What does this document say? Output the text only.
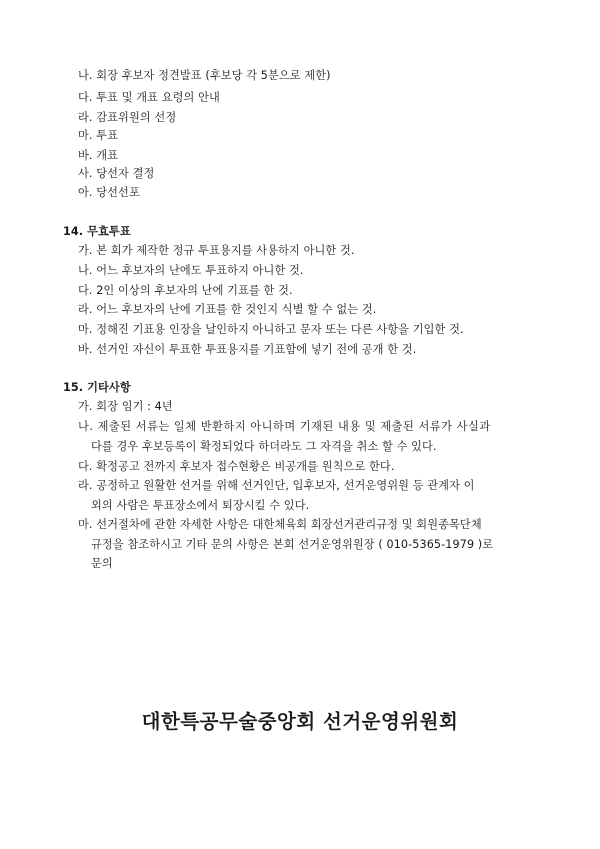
나. 회장 후보자 정견발표 (후보당 각 5분으로 제한)
다. 투표 및 개표 요령의 안내
라. 감표위원의 선정
마. 투표
바. 개표
사. 당선자 결정
아. 당선선포
14. 무효투표
가. 본 회가 제작한 정규 투표용지를 사용하지 아니한 것.
나. 어느 후보자의 난에도 투표하지 아니한 것.
다. 2인 이상의 후보자의 난에 기표를 한 것.
라. 어느 후보자의 난에 기표를 한 것인지 식별 할 수 없는 것.
마. 정해진 기표용 인장을 날인하지 아니하고 문자 또는 다른 사항을 기입한 것.
바. 선거인 자신이 투표한 투표용지를 기표함에 넣기 전에 공개 한 것.
15. 기타사항
가. 회장 임기 : 4년
나. 제출된 서류는 일체 반환하지 아니하며 기재된 내용 및 제출된 서류가 사실과
다를 경우 후보등록이 확정되었다 하더라도 그 자격을 취소 할 수 있다.
다. 확정공고 전까지 후보자 접수현황은 비공개를 원칙으로 한다.
라. 공정하고 원활한 선거를 위해 선거인단, 입후보자, 선거운영위원 등 관계자 이
외의 사람은 투표장소에서 퇴장시킬 수 있다.
마. 선거절차에 관한 자세한 사항은 대한체육회 회장선거관리규정 및 회원종목단체
규정을 참조하시고 기타 문의 사항은 본회 선거운영위원장 ( 010-5365-1979 )로
문의
대한특공무술중앙회 선거운영위원회
